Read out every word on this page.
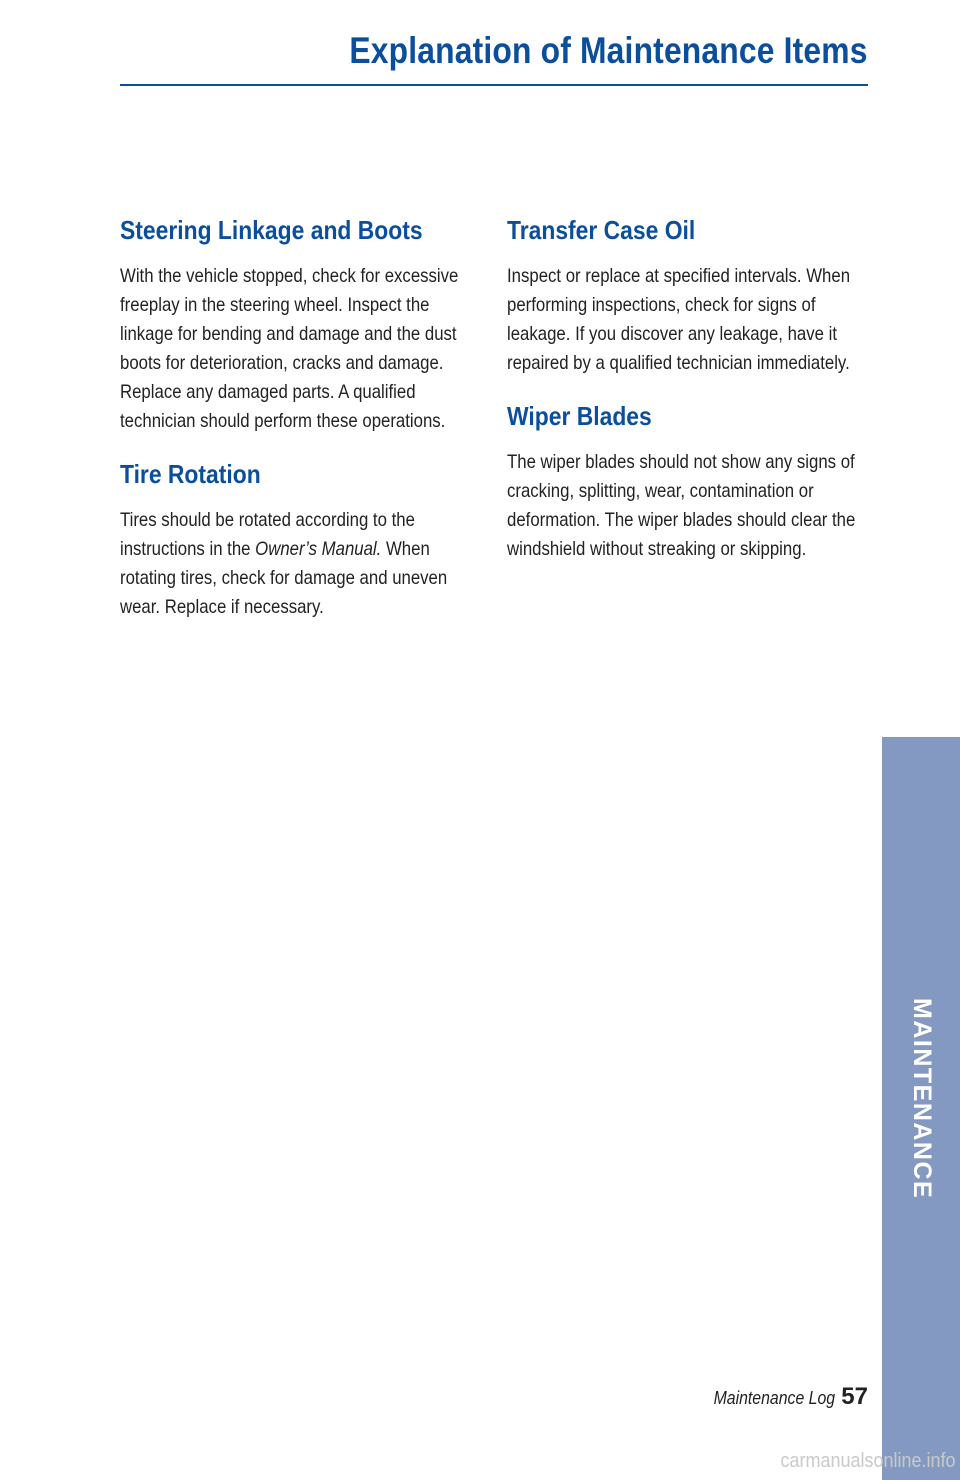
Explanation of Maintenance Items
Steering Linkage and Boots

With the vehicle stopped, check for excessive freeplay in the steering wheel. Inspect the linkage for bending and damage and the dust boots for deterioration, cracks and damage. Replace any damaged parts. A qualified technician should perform these operations.

Tire Rotation

Tires should be rotated according to the instructions in the Owner’s Manual. When rotating tires, check for damage and uneven wear. Replace if necessary.

Transfer Case Oil

Inspect or replace at specified intervals. When performing inspections, check for signs of leakage. If you discover any leakage, have it repaired by a qualified technician immediately.

Wiper Blades

The wiper blades should not show any signs of cracking, splitting, wear, contamination or deformation. The wiper blades should clear the windshield without streaking or skipping.

MAINTENANCE
Maintenance Log 57
carmanualsonline.info
